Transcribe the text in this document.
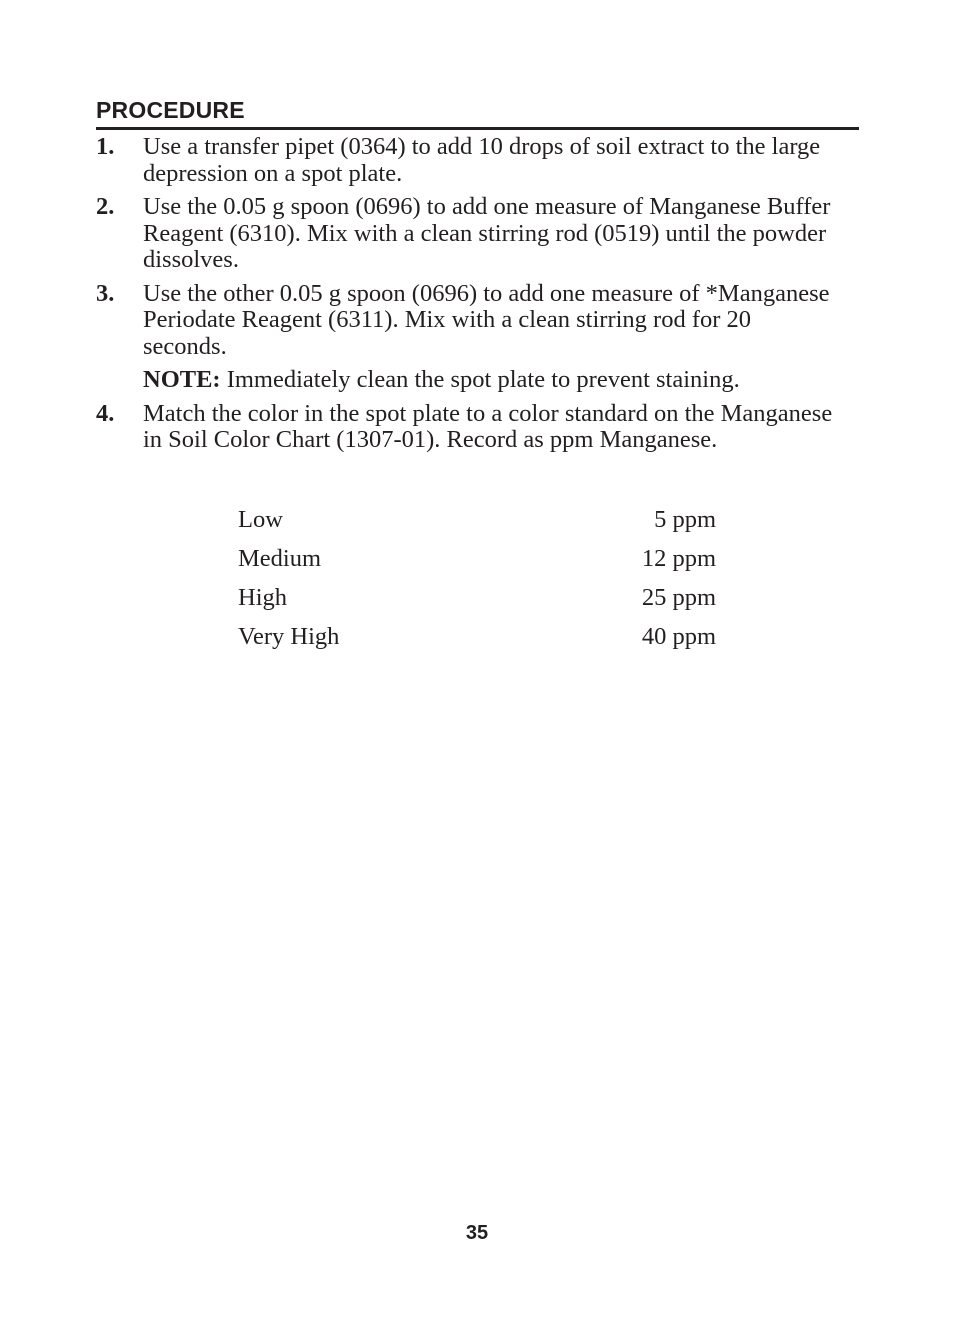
PROCEDURE
1. Use a transfer pipet (0364) to add 10 drops of soil extract to the large depression on a spot plate.
2. Use the 0.05 g spoon (0696) to add one measure of Manganese Buffer Reagent (6310). Mix with a clean stirring rod (0519) until the powder dissolves.
3. Use the other 0.05 g spoon (0696) to add one measure of *Manganese Periodate Reagent (6311). Mix with a clean stirring rod for 20 seconds.
NOTE: Immediately clean the spot plate to prevent staining.
4. Match the color in the spot plate to a color standard on the Manganese in Soil Color Chart (1307-01). Record as ppm Manganese.
Low	5 ppm
Medium	12 ppm
High	25 ppm
Very High	40 ppm
35
